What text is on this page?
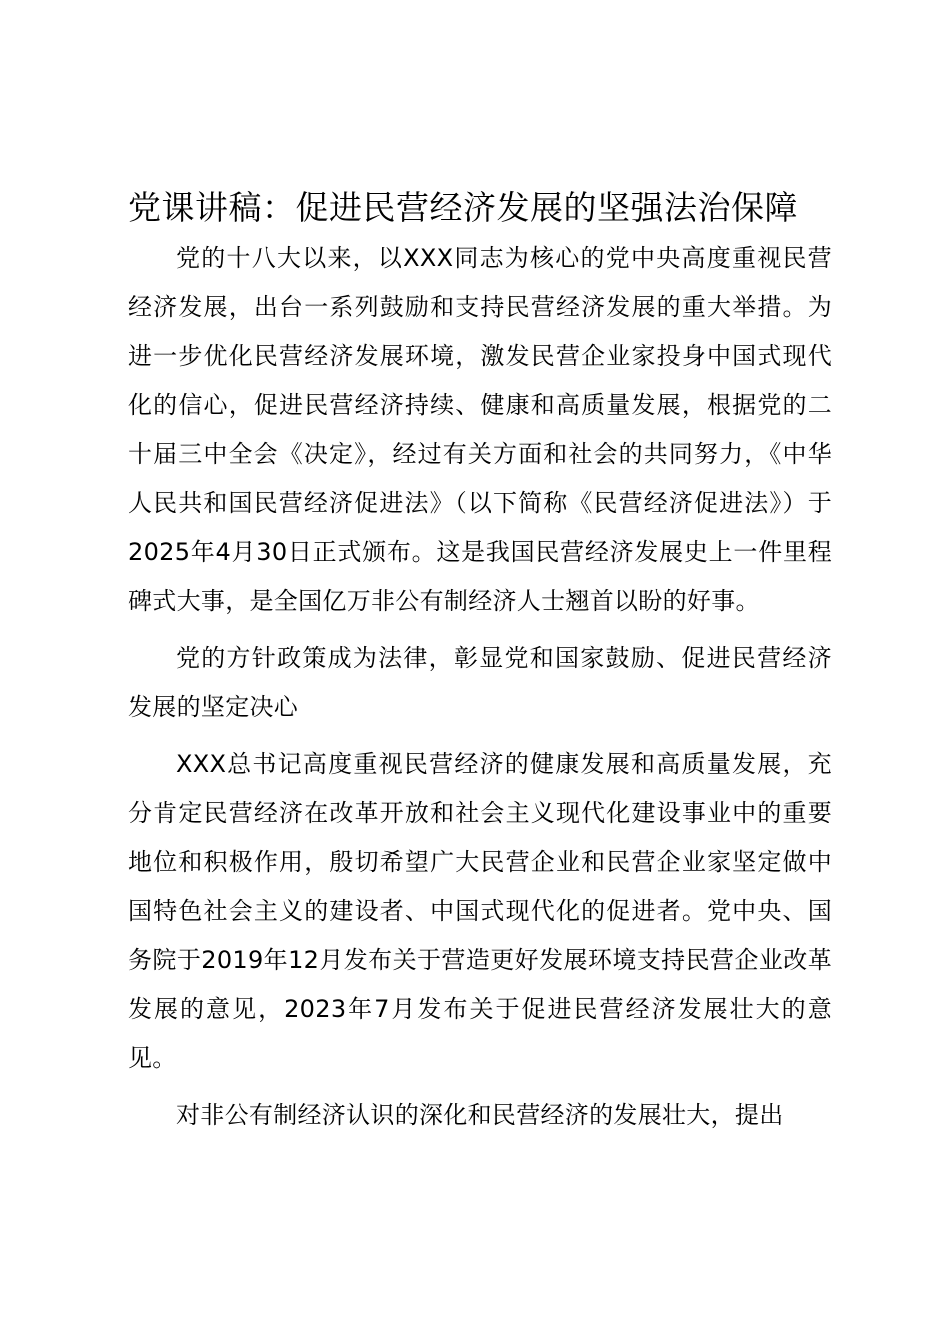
党课讲稿：促进民营经济发展的坚强法治保障

党的十八大以来，以XXX同志为核心的党中央高度重视民营经济发展，出台一系列鼓励和支持民营经济发展的重大举措。为进一步优化民营经济发展环境，激发民营企业家投身中国式现代化的信心，促进民营经济持续、健康和高质量发展，根据党的二十届三中全会《决定》，经过有关方面和社会的共同努力，《中华人民共和国民营经济促进法》（以下简称《民营经济促进法》）于2025年4月30日正式颁布。这是我国民营经济发展史上一件里程碑式大事，是全国亿万非公有制经济人士翘首以盼的好事。

党的方针政策成为法律，彰显党和国家鼓励、促进民营经济发展的坚定决心

XXX总书记高度重视民营经济的健康发展和高质量发展，充分肯定民营经济在改革开放和社会主义现代化建设事业中的重要地位和积极作用，殷切希望广大民营企业和民营企业家坚定做中国特色社会主义的建设者、中国式现代化的促进者。党中央、国务院于2019年12月发布关于营造更好发展环境支持民营企业改革发展的意见，2023年7月发布关于促进民营经济发展壮大的意见。

对非公有制经济认识的深化和民营经济的发展壮大，提出
